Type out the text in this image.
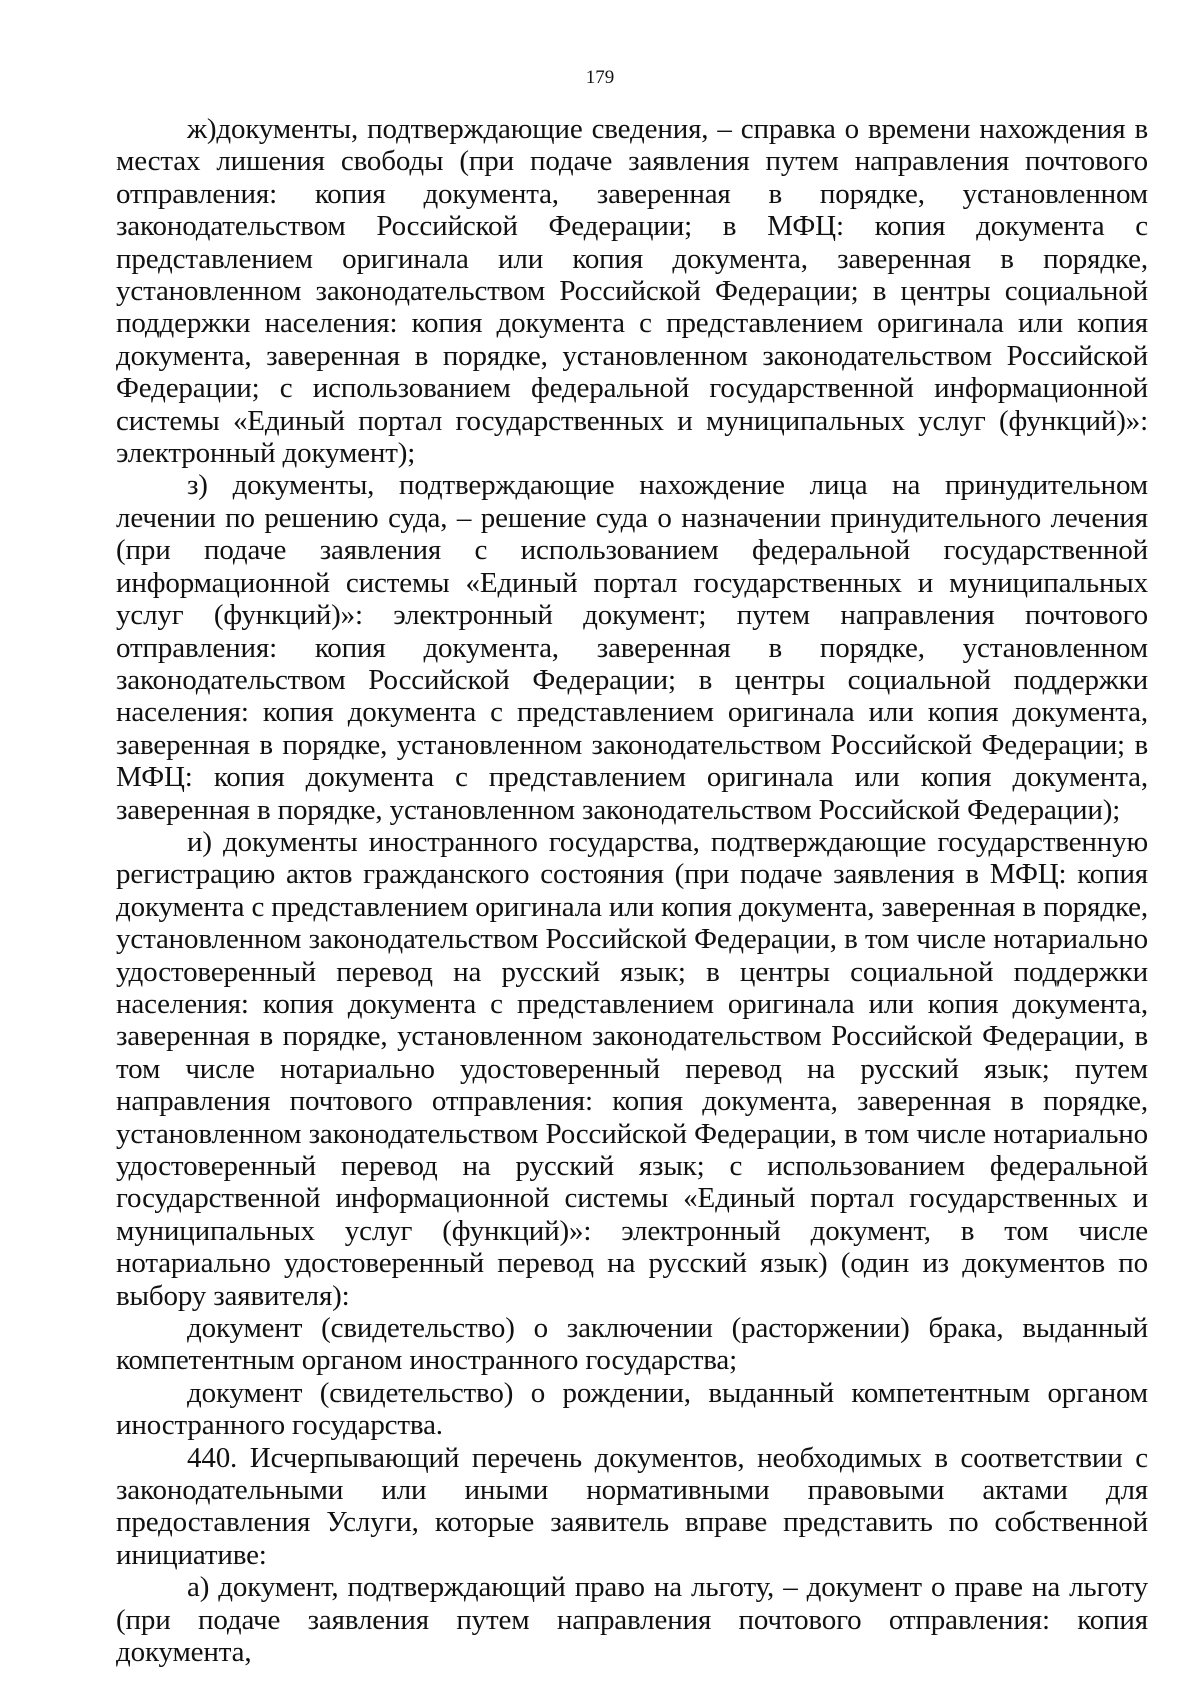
179

ж)документы, подтверждающие сведения, – справка о времени нахождения в местах лишения свободы (при подаче заявления путем направления почтового отправления: копия документа, заверенная в порядке, установленном законодательством Российской Федерации; в МФЦ: копия документа с представлением оригинала или копия документа, заверенная в порядке, установленном законодательством Российской Федерации; в центры социальной поддержки населения: копия документа с представлением оригинала или копия документа, заверенная в порядке, установленном законодательством Российской Федерации; с использованием федеральной государственной информационной системы «Единый портал государственных и муниципальных услуг (функций)»: электронный документ);

з) документы, подтверждающие нахождение лица на принудительном лечении по решению суда, – решение суда о назначении принудительного лечения (при подаче заявления с использованием федеральной государственной информационной системы «Единый портал государственных и муниципальных услуг (функций)»: электронный документ; путем направления почтового отправления: копия документа, заверенная в порядке, установленном законодательством Российской Федерации; в центры социальной поддержки населения: копия документа с представлением оригинала или копия документа, заверенная в порядке, установленном законодательством Российской Федерации; в МФЦ: копия документа с представлением оригинала или копия документа, заверенная в порядке, установленном законодательством Российской Федерации);

и) документы иностранного государства, подтверждающие государственную регистрацию актов гражданского состояния (при подаче заявления в МФЦ: копия документа с представлением оригинала или копия документа, заверенная в порядке, установленном законодательством Российской Федерации, в том числе нотариально удостоверенный перевод на русский язык; в центры социальной поддержки населения: копия документа с представлением оригинала или копия документа, заверенная в порядке, установленном законодательством Российской Федерации, в том числе нотариально удостоверенный перевод на русский язык; путем направления почтового отправления: копия документа, заверенная в порядке, установленном законодательством Российской Федерации, в том числе нотариально удостоверенный перевод на русский язык; с использованием федеральной государственной информационной системы «Единый портал государственных и муниципальных услуг (функций)»: электронный документ, в том числе нотариально удостоверенный перевод на русский язык) (один из документов по выбору заявителя):

документ (свидетельство) о заключении (расторжении) брака, выданный компетентным органом иностранного государства;

документ (свидетельство) о рождении, выданный компетентным органом иностранного государства.

440. Исчерпывающий перечень документов, необходимых в соответствии с законодательными или иными нормативными правовыми актами для предоставления Услуги, которые заявитель вправе представить по собственной инициативе:

а) документ, подтверждающий право на льготу, – документ о праве на льготу (при подаче заявления путем направления почтового отправления: копия документа,
